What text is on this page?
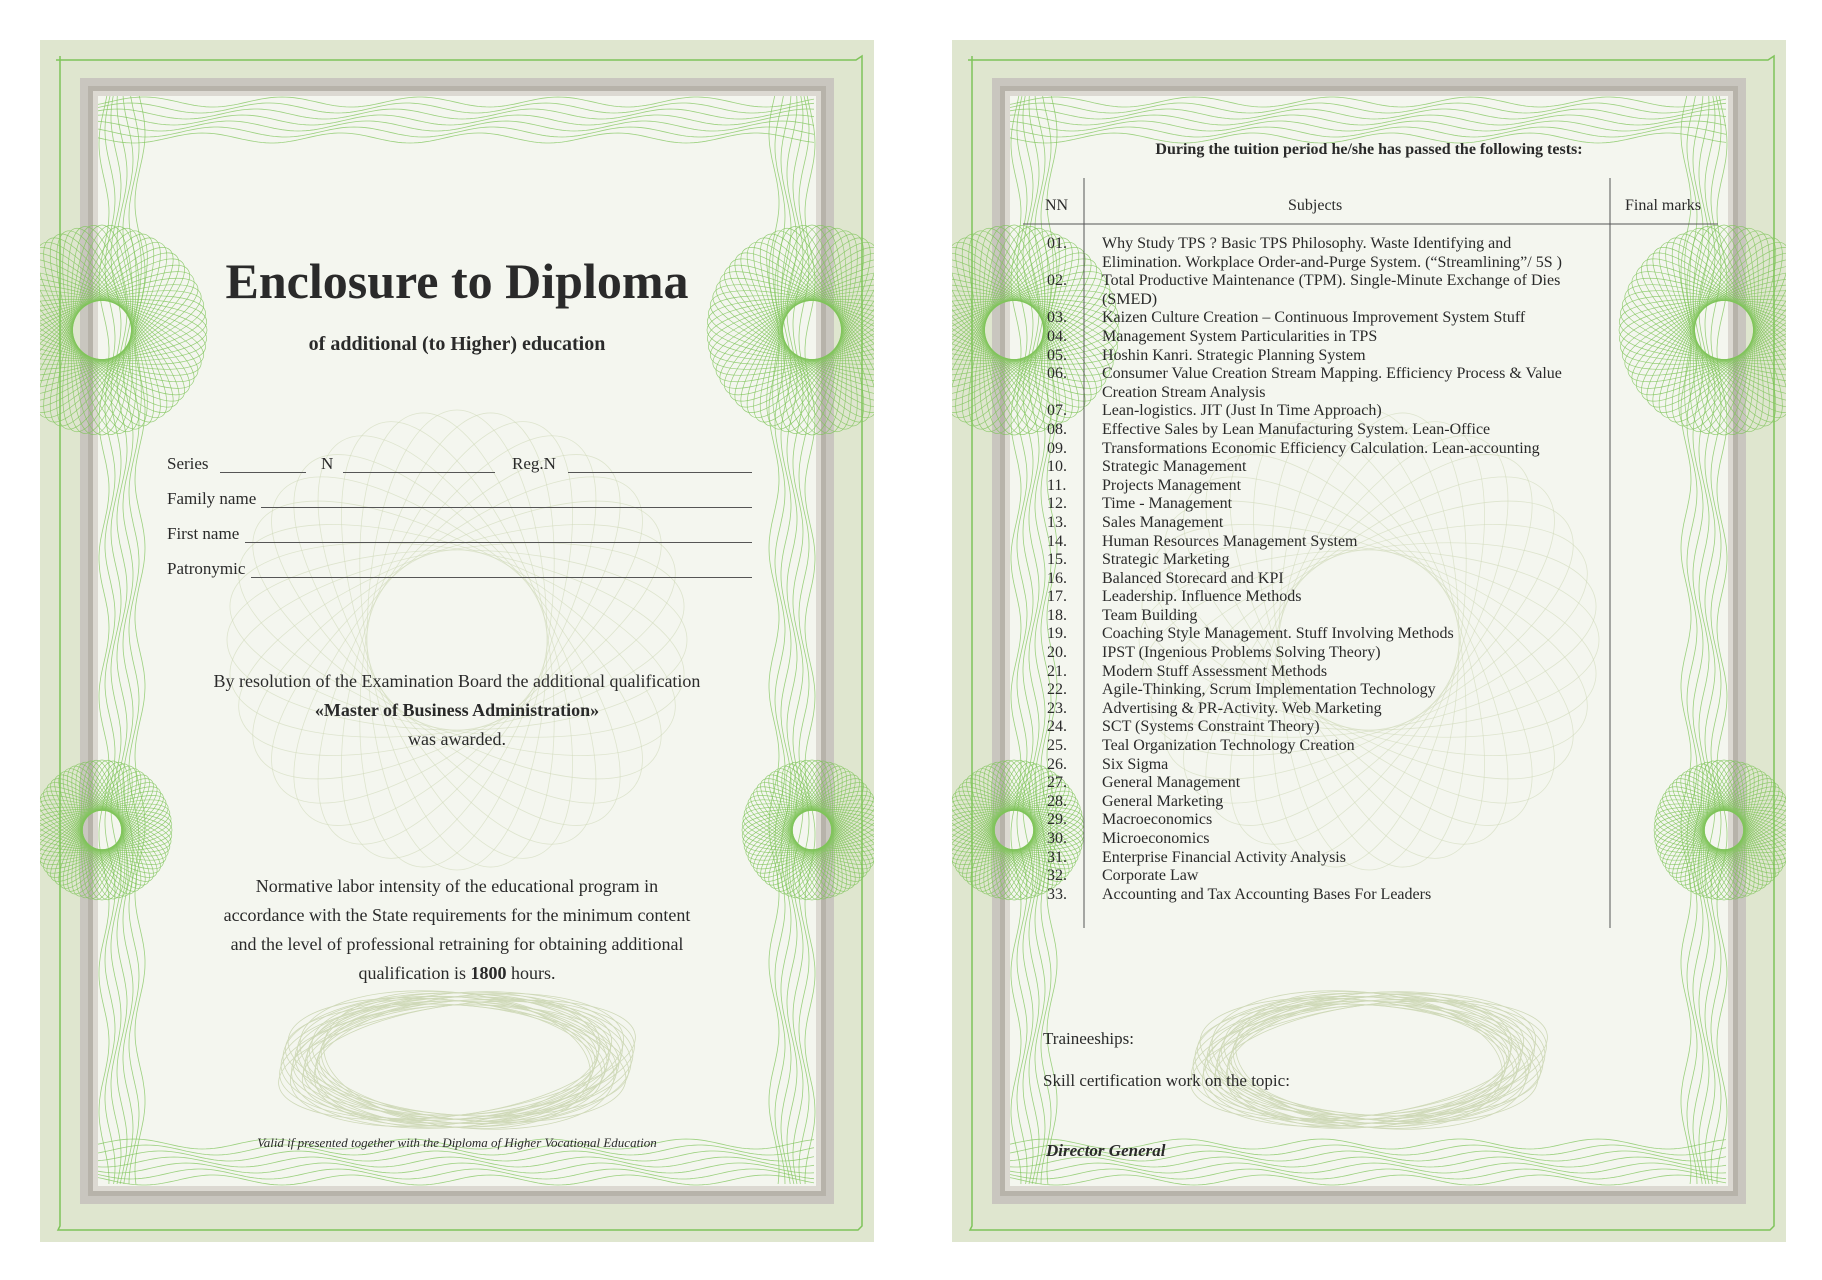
Enclosure to Diploma
of additional (to Higher) education
Series	N	Reg.N
Family name
First name
Patronymic
By resolution of the Examination Board the additional qualification
«Master of Business Administration»
was awarded.
Normative labor intensity of the educational program in
accordance with the State requirements for the minimum content
and the level of professional retraining for obtaining additional
qualification is 1800 hours.
Valid if presented together with the Diploma of Higher Vocational Education
During the tuition period he/she has passed the following tests:
NN	Subjects	Final marks
01.	Why Study TPS ? Basic TPS Philosophy. Waste Identifying and Elimination. Workplace Order-and-Purge System. (“Streamlining”/ 5S )
02.	Total Productive Maintenance (TPM). Single-Minute Exchange of Dies (SMED)
03.	Kaizen Culture Creation – Continuous Improvement System Stuff
04.	Management System Particularities in TPS
05.	Hoshin Kanri. Strategic Planning System
06.	Consumer Value Creation Stream Mapping. Efficiency Process & Value Creation Stream Analysis
07.	Lean-logistics. JIT (Just In Time Approach)
08.	Effective Sales by Lean Manufacturing System. Lean-Office
09.	Transformations Economic Efficiency Calculation. Lean-accounting
10.	Strategic Management
11.	Projects Management
12.	Time - Management
13.	Sales Management
14.	Human Resources Management System
15.	Strategic Marketing
16.	Balanced Storecard and KPI
17.	Leadership. Influence Methods
18.	Team Building
19.	Coaching Style Management. Stuff Involving Methods
20.	IPST (Ingenious Problems Solving Theory)
21.	Modern Stuff Assessment Methods
22.	Agile-Thinking, Scrum Implementation Technology
23.	Advertising & PR-Activity. Web Marketing
24.	SCT (Systems Constraint Theory)
25.	Teal Organization Technology Creation
26.	Six Sigma
27.	General Management
28.	General Marketing
29.	Macroeconomics
30.	Microeconomics
31.	Enterprise Financial Activity Analysis
32.	Corporate Law
33.	Accounting and Tax Accounting Bases For Leaders
Traineeships:
Skill certification work on the topic:
Director General
